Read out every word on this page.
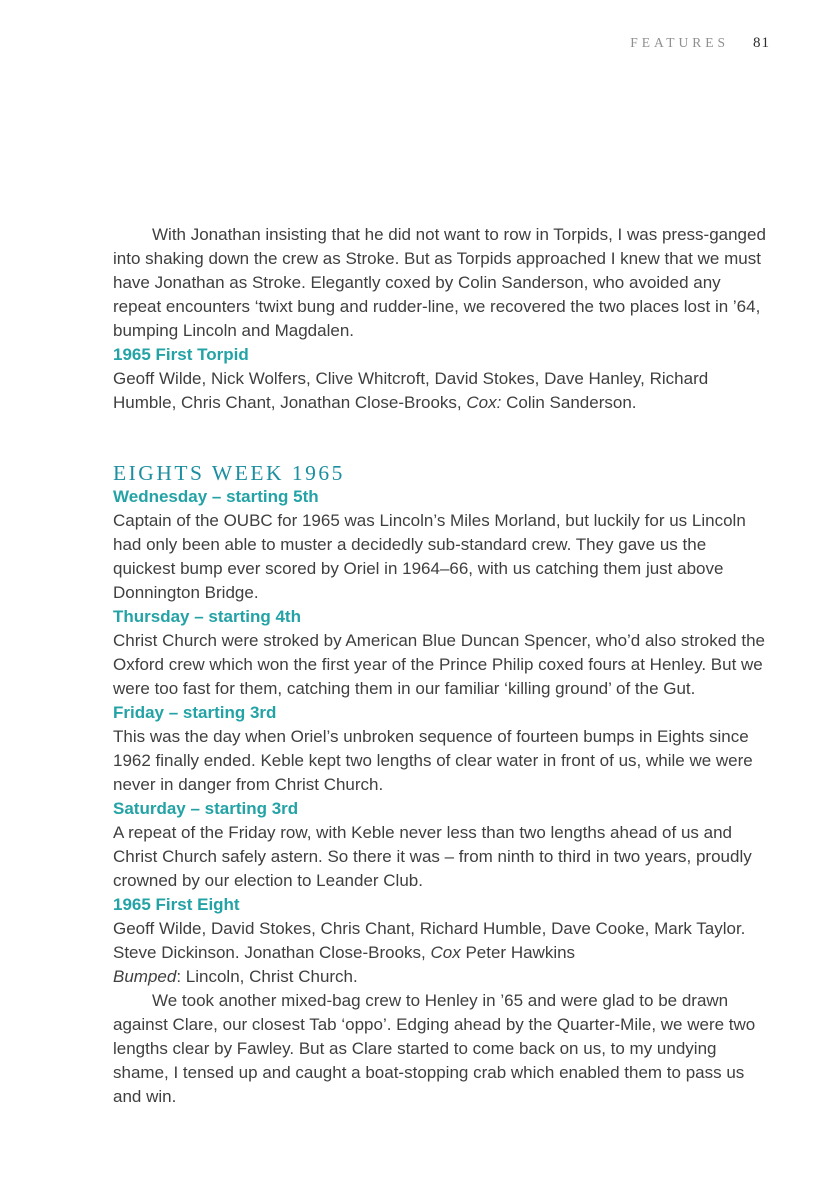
FEATURES 81

With Jonathan insisting that he did not want to row in Torpids, I was press-ganged into shaking down the crew as Stroke. But as Torpids approached I knew that we must have Jonathan as Stroke. Elegantly coxed by Colin Sanderson, who avoided any repeat encounters ‘twixt bung and rudder-line, we recovered the two places lost in ’64, bumping Lincoln and Magdalen.

1965 First Torpid

Geoff Wilde, Nick Wolfers, Clive Whitcroft, David Stokes, Dave Hanley, Richard Humble, Chris Chant, Jonathan Close-Brooks, Cox: Colin Sanderson.

EIGHTS WEEK 1965

Wednesday – starting 5th

Captain of the OUBC for 1965 was Lincoln’s Miles Morland, but luckily for us Lincoln had only been able to muster a decidedly sub-standard crew. They gave us the quickest bump ever scored by Oriel in 1964–66, with us catching them just above Donnington Bridge.

Thursday – starting 4th

Christ Church were stroked by American Blue Duncan Spencer, who’d also stroked the Oxford crew which won the first year of the Prince Philip coxed fours at Henley. But we were too fast for them, catching them in our familiar ‘killing ground’ of the Gut.

Friday – starting 3rd

This was the day when Oriel’s unbroken sequence of fourteen bumps in Eights since 1962 finally ended. Keble kept two lengths of clear water in front of us, while we were never in danger from Christ Church.

Saturday – starting 3rd

A repeat of the Friday row, with Keble never less than two lengths ahead of us and Christ Church safely astern. So there it was – from ninth to third in two years, proudly crowned by our election to Leander Club.

1965 First Eight

Geoff Wilde, David Stokes, Chris Chant, Richard Humble, Dave Cooke, Mark Taylor. Steve Dickinson. Jonathan Close-Brooks, Cox Peter Hawkins

Bumped: Lincoln, Christ Church.

We took another mixed-bag crew to Henley in ’65 and were glad to be drawn against Clare, our closest Tab ‘oppo’. Edging ahead by the Quarter-Mile, we were two lengths clear by Fawley. But as Clare started to come back on us, to my undying shame, I tensed up and caught a boat-stopping crab which enabled them to pass us and win.
